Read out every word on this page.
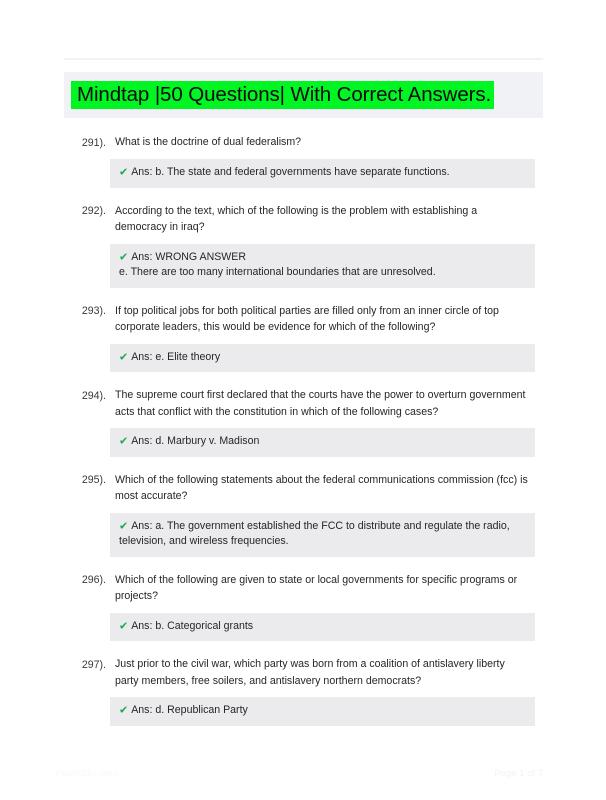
Mindtap |50 Questions| With Correct Answers.
291). What is the doctrine of dual federalism?
✔ Ans: b. The state and federal governments have separate functions.
292). According to the text, which of the following is the problem with establishing a democracy in iraq?
✔ Ans: WRONG ANSWER
e. There are too many international boundaries that are unresolved.
293). If top political jobs for both political parties are filled only from an inner circle of top corporate leaders, this would be evidence for which of the following?
✔ Ans: e. Elite theory
294). The supreme court first declared that the courts have the power to overturn government acts that conflict with the constitution in which of the following cases?
✔ Ans: d. Marbury v. Madison
295). Which of the following statements about the federal communications commission (fcc) is most accurate?
✔ Ans: a. The government established the FCC to distribute and regulate the radio,
television, and wireless frequencies.
296). Which of the following are given to state or local governments for specific programs or projects?
✔ Ans: b. Categorical grants
297). Just prior to the civil war, which party was born from a coalition of antislavery liberty party members, free soilers, and antislavery northern democrats?
✔ Ans: d. Republican Party
PaperStic.com	Page 1 of 7
